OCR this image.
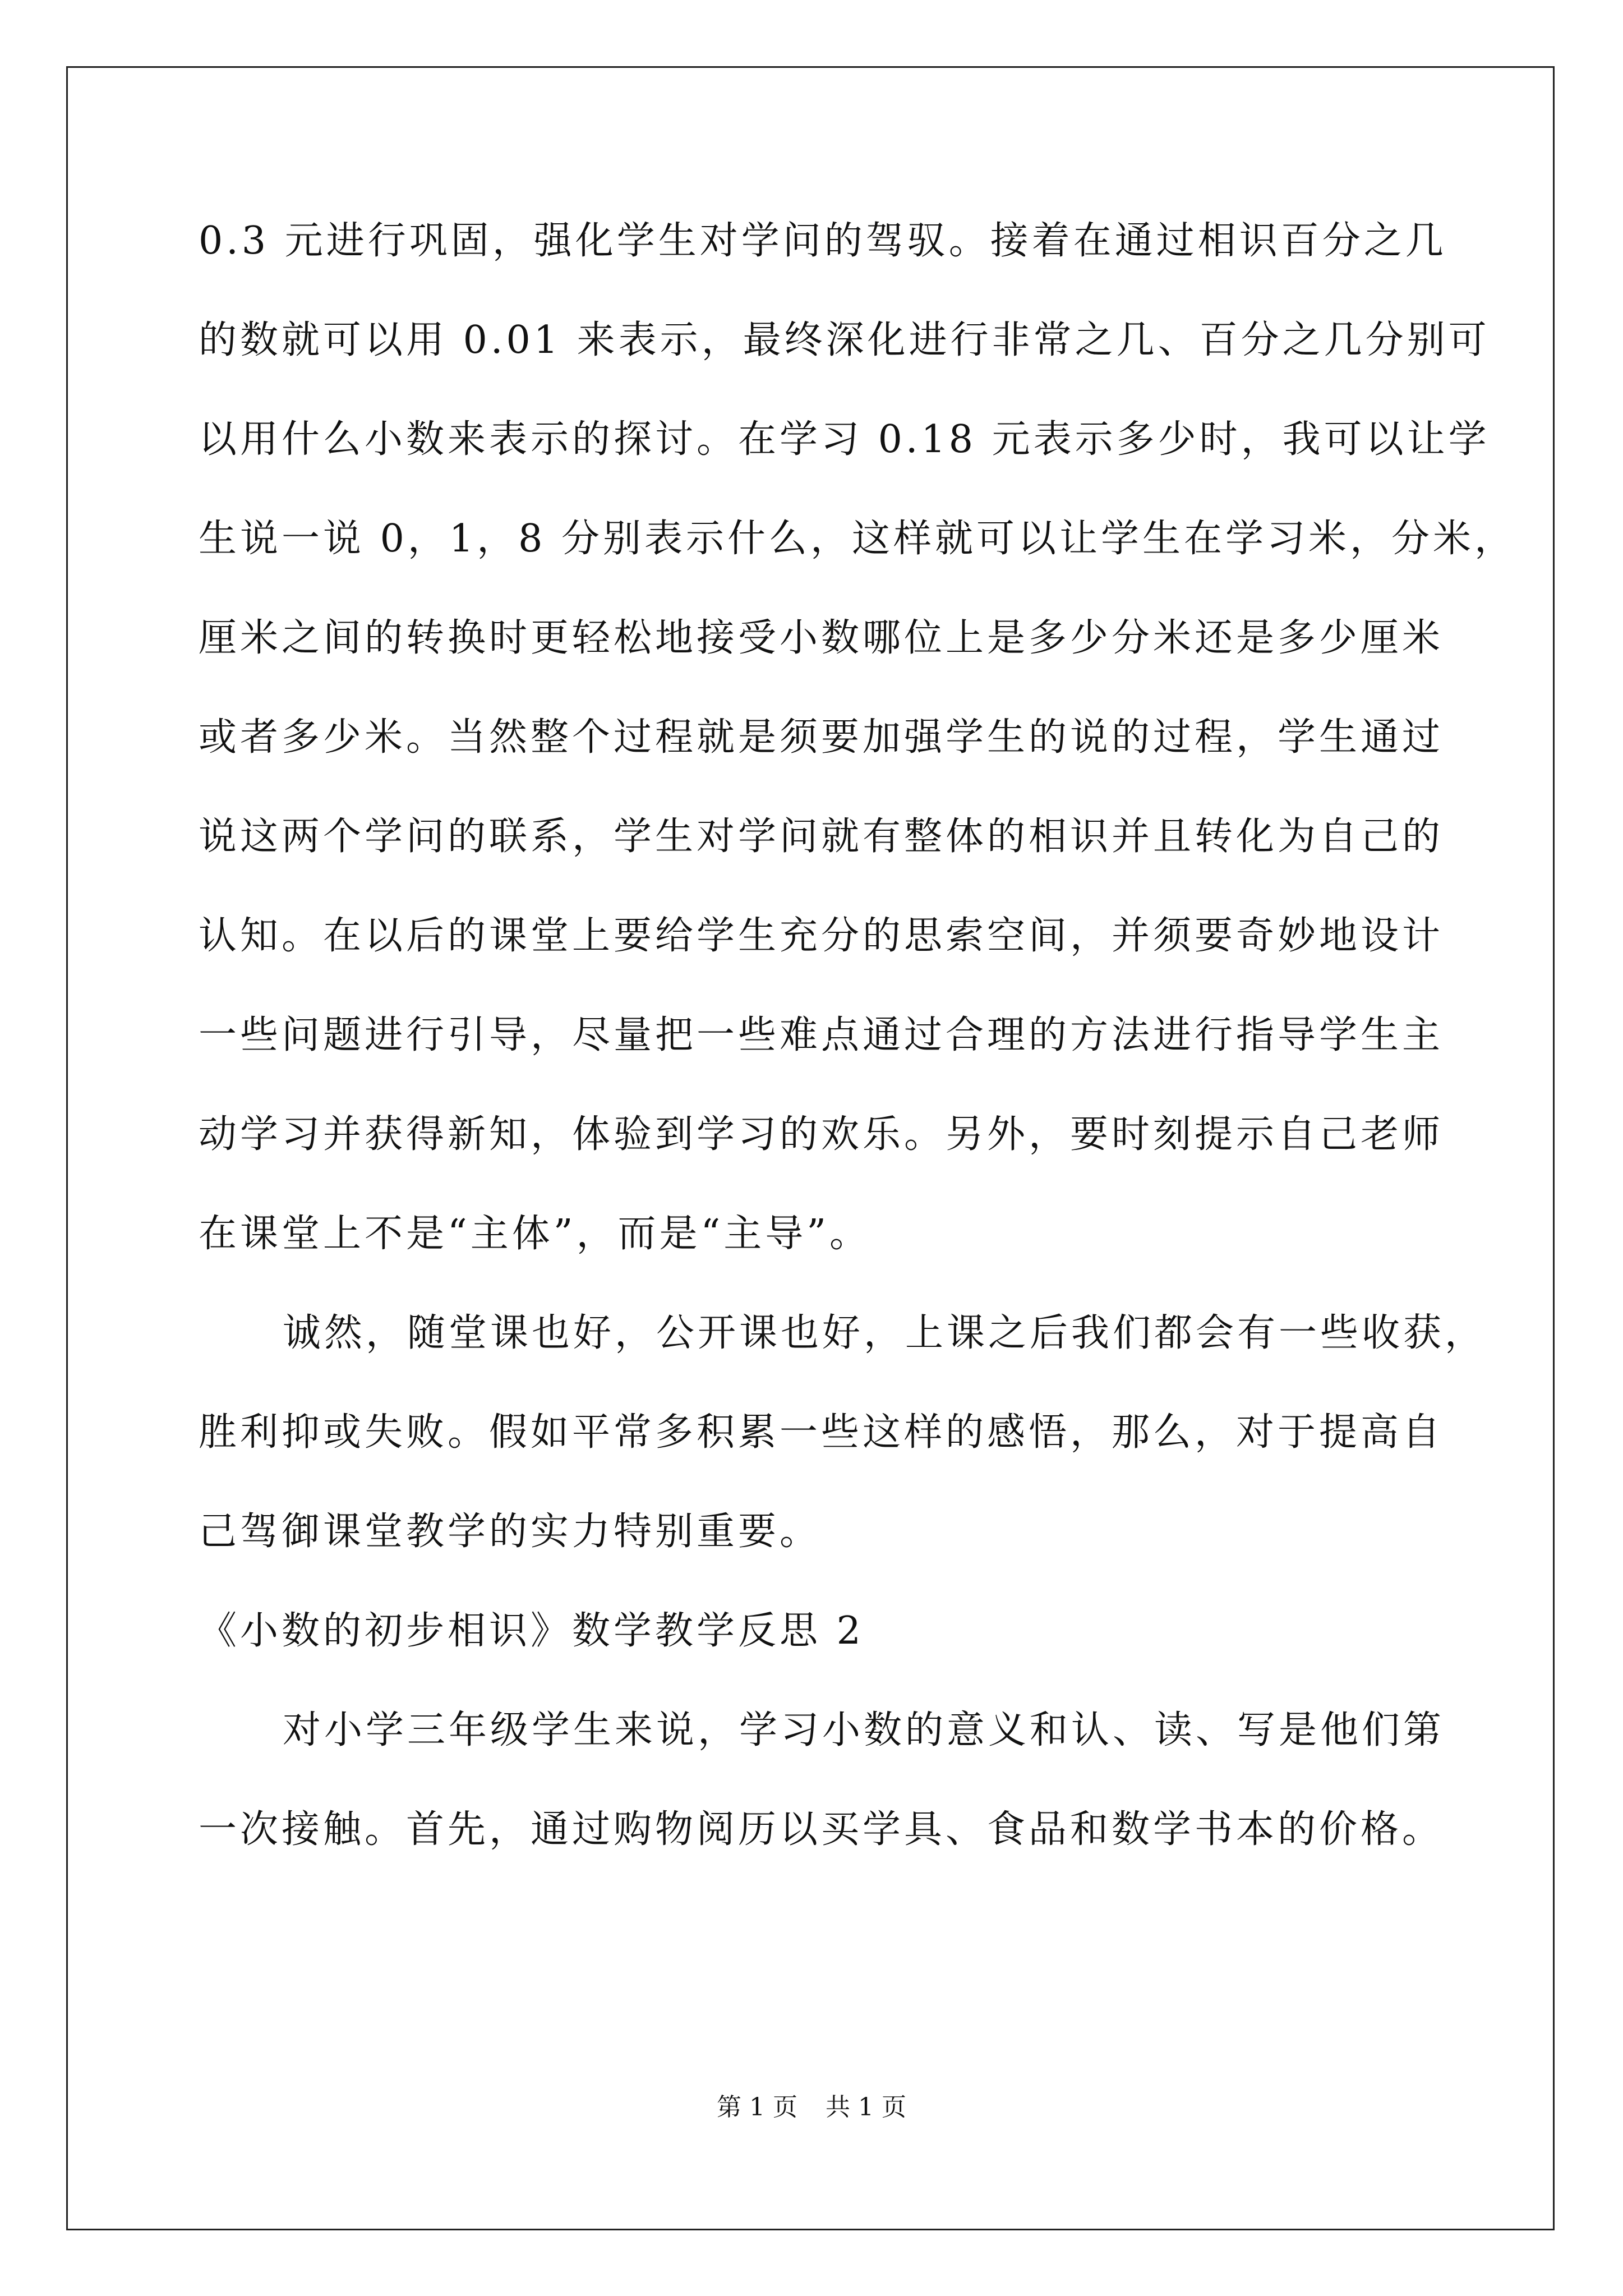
0.3 元进行巩固，强化学生对学问的驾驭。接着在通过相识百分之几
的数就可以用 0.01 来表示，最终深化进行非常之几、百分之几分别可
以用什么小数来表示的探讨。在学习 0.18 元表示多少时，我可以让学
生说一说 0，1，8 分别表示什么，这样就可以让学生在学习米，分米，
厘米之间的转换时更轻松地接受小数哪位上是多少分米还是多少厘米
或者多少米。当然整个过程就是须要加强学生的说的过程，学生通过
说这两个学问的联系，学生对学问就有整体的相识并且转化为自己的
认知。在以后的课堂上要给学生充分的思索空间，并须要奇妙地设计
一些问题进行引导，尽量把一些难点通过合理的方法进行指导学生主
动学习并获得新知，体验到学习的欢乐。另外，要时刻提示自己老师
在课堂上不是“主体”，而是“主导”。
诚然，随堂课也好，公开课也好，上课之后我们都会有一些收获，
胜利抑或失败。假如平常多积累一些这样的感悟，那么，对于提高自
己驾御课堂教学的实力特别重要。
《小数的初步相识》数学教学反思 2
对小学三年级学生来说，学习小数的意义和认、读、写是他们第
一次接触。首先，通过购物阅历以买学具、食品和数学书本的价格。
第 1 页 共 1 页
